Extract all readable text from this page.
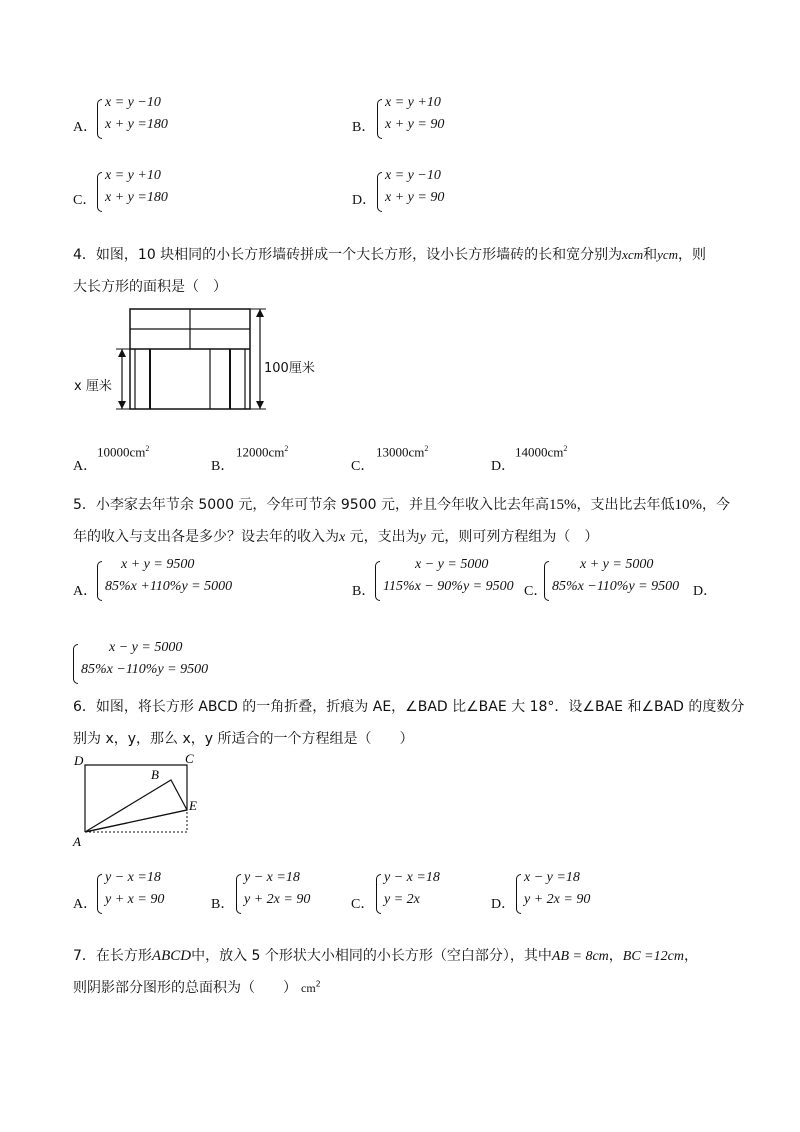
A．
x = y −10
x + y =180	B．
x = y +10
x + y = 90
C．
x = y +10
x + y =180	D．
x = y −10
x + y = 90
4．如图，10 块相同的小长方形墙砖拼成一个大长方形，设小长方形墙砖的长和宽分别为xcm和ycm，则
大长方形的面积是（　）
x 厘米
100厘米
A．
$10000cm^2$
B．
$12000cm^2$
C．
$13000cm^2$
D．
$14000cm^2$
5．小李家去年节余 5000 元，今年可节余 9500 元，并且今年收入比去年高15%，支出比去年低10%，今
年的收入与支出各是多少？设去年的收入为x 元，支出为y 元，则可列方程组为（　）
A．
x + y = 9500
85%x +110%y = 5000	B．
x − y = 5000
115%x − 90%y = 9500 C．
x + y = 5000
85%x −110%y = 9500 D．
x − y = 5000
85%x −110%y = 9500
6．如图，将长方形 ABCD 的一角折叠，折痕为 AE，∠BAD 比∠BAE 大 18°．设∠BAE 和∠BAD 的度数分
别为 x，y，那么 x，y 所适合的一个方程组是（　　）
D	C
B
E
A
A．
y − x =18
y + x = 90	B．
y − x =18
y + 2x = 90	C．
y − x =18
y = 2x	D．
x − y =18
y + 2x = 90
7．在长方形ABCD中，放入 5 个形状大小相同的小长方形（空白部分），其中AB = 8cm，BC =12cm，
则阴影部分图形的总面积为（　　） $cm^2$
